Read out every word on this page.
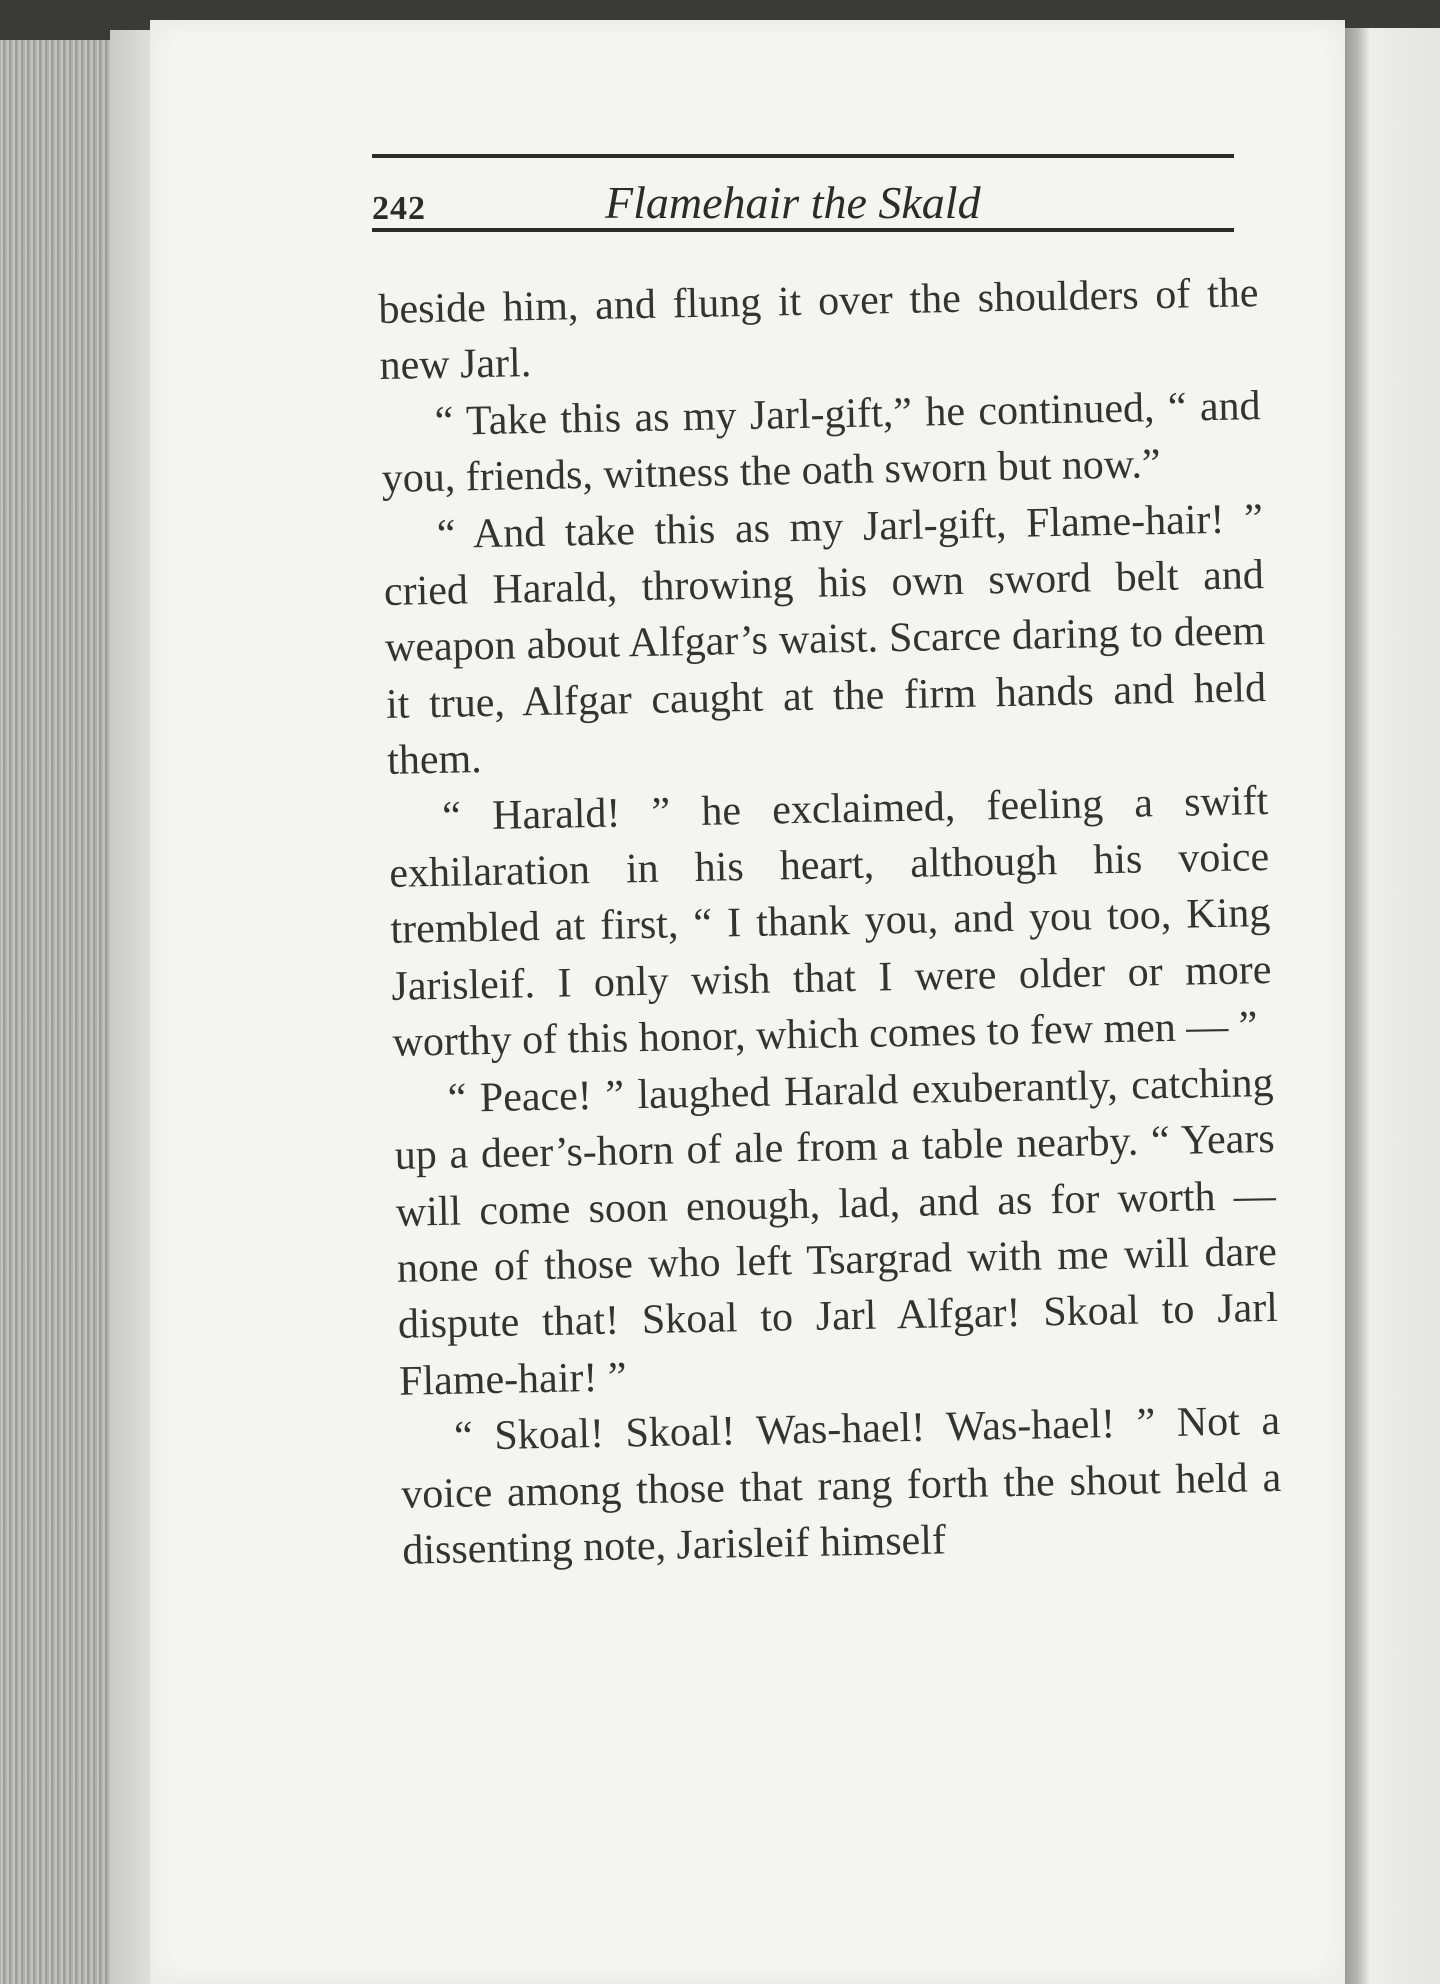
242	Flamehair the Skald

beside him, and flung it over the shoulders of the new Jarl.

“ Take this as my Jarl-gift,” he continued, “ and you, friends, witness the oath sworn but now.”

“ And take this as my Jarl-gift, Flame-hair! ” cried Harald, throwing his own sword belt and weapon about Alfgar’s waist. Scarce daring to deem it true, Alfgar caught at the firm hands and held them.

“ Harald! ” he exclaimed, feeling a swift exhilaration in his heart, although his voice trembled at first, “ I thank you, and you too, King Jarisleif. I only wish that I were older or more worthy of this honor, which comes to few men — ”

“ Peace! ” laughed Harald exuberantly, catching up a deer’s-horn of ale from a table nearby. “ Years will come soon enough, lad, and as for worth — none of those who left Tsargrad with me will dare dispute that! Skoal to Jarl Alfgar! Skoal to Jarl Flame-hair! ”

“ Skoal! Skoal! Was-hael! Was-hael! ” Not a voice among those that rang forth the shout held a dissenting note, Jarisleif himself
